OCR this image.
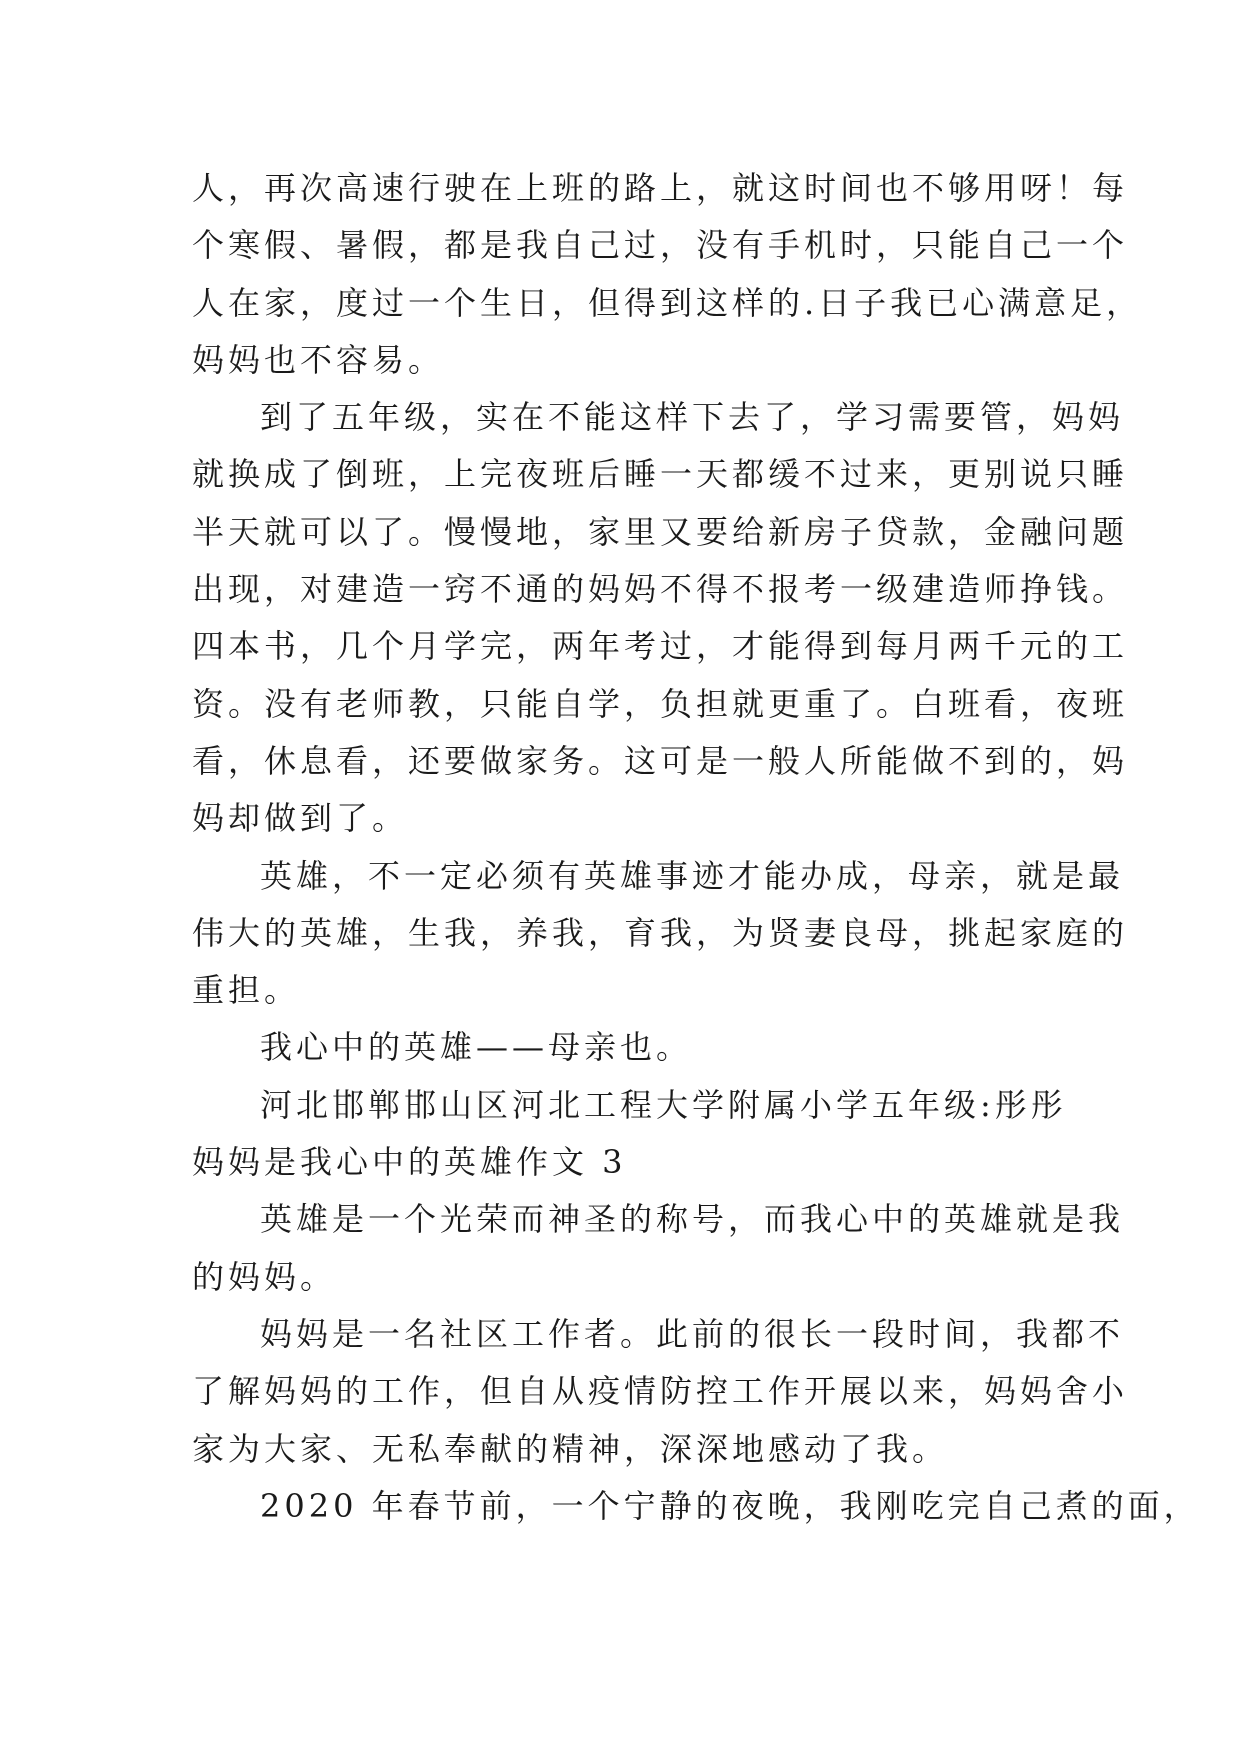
人，再次高速行驶在上班的路上，就这时间也不够用呀！每
个寒假、暑假，都是我自己过，没有手机时，只能自己一个
人在家，度过一个生日，但得到这样的.日子我已心满意足，
妈妈也不容易。
到了五年级，实在不能这样下去了，学习需要管，妈妈
就换成了倒班，上完夜班后睡一天都缓不过来，更别说只睡
半天就可以了。慢慢地，家里又要给新房子贷款，金融问题
出现，对建造一窍不通的妈妈不得不报考一级建造师挣钱。
四本书，几个月学完，两年考过，才能得到每月两千元的工
资。没有老师教，只能自学，负担就更重了。白班看，夜班
看，休息看，还要做家务。这可是一般人所能做不到的，妈
妈却做到了。
英雄，不一定必须有英雄事迹才能办成，母亲，就是最
伟大的英雄，生我，养我，育我，为贤妻良母，挑起家庭的
重担。
我心中的英雄——母亲也。
河北邯郸邯山区河北工程大学附属小学五年级:彤彤
妈妈是我心中的英雄作文 3
英雄是一个光荣而神圣的称号，而我心中的英雄就是我
的妈妈。
妈妈是一名社区工作者。此前的很长一段时间，我都不
了解妈妈的工作，但自从疫情防控工作开展以来，妈妈舍小
家为大家、无私奉献的精神，深深地感动了我。
2020 年春节前，一个宁静的夜晚，我刚吃完自己煮的面，
